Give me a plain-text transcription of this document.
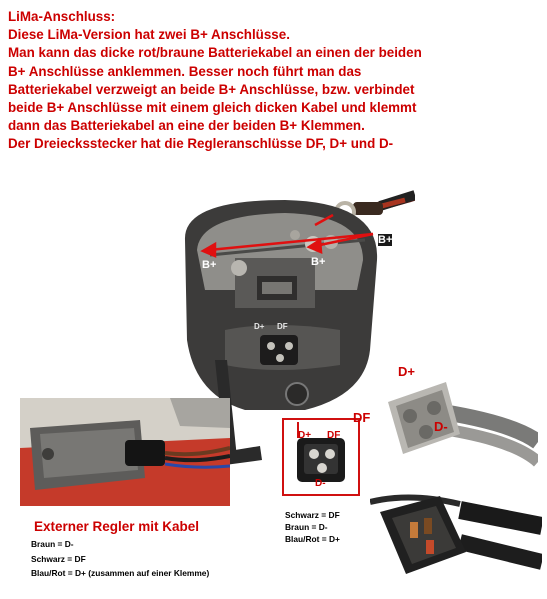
LiMa-Anschluss:
Diese LiMa-Version hat zwei B+ Anschlüsse.
Man kann das dicke rot/braune Batteriekabel an einen der beiden
B+ Anschlüsse anklemmen. Besser noch führt man das
Batteriekabel verzweigt an beide B+ Anschlüsse, bzw. verbindet
beide B+ Anschlüsse mit einem gleich dicken Kabel und klemmt
dann das Batteriekabel an eine der beiden B+ Klemmen.
Der Dreiecksstecker hat die Regleranschlüsse DF, D+ und D-
B+	B+
B+
D+ DF
D+ DF
D-
D+
DF
D-
Schwarz = DF
Braun = D-
Blau/Rot = D+
Externer Regler mit Kabel
Braun = D-
Schwarz = DF
Blau/Rot = D+ (zusammen auf einer Klemme)
